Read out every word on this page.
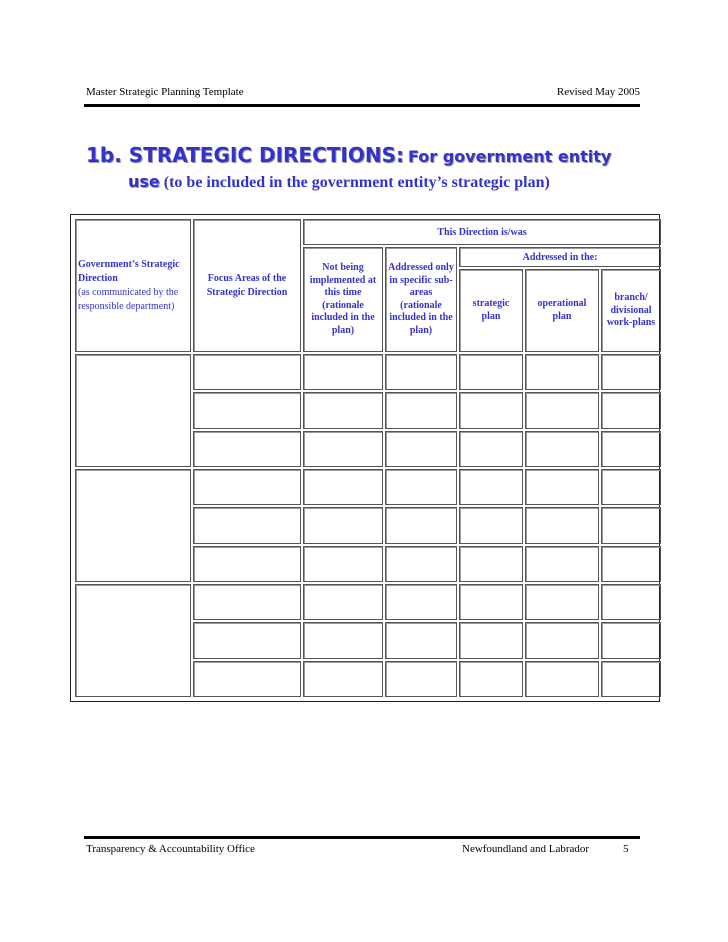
Master Strategic Planning Template	Revised May 2005
1b. STRATEGIC DIRECTIONS: For government entity
use (to be included in the government entity’s strategic plan)
Government’s Strategic Direction
(as communicated by the responsible department)	Focus Areas of the Strategic Direction	This Direction is/was				
		Not being implemented at this time (rationale included in the plan)	Addressed only in specific sub-areas (rationale included in the plan)	Addressed in the:		
				strategic plan	operational plan	branch/ divisional work-plans

Transparency & Accountability Office	Newfoundland and Labrador	5
